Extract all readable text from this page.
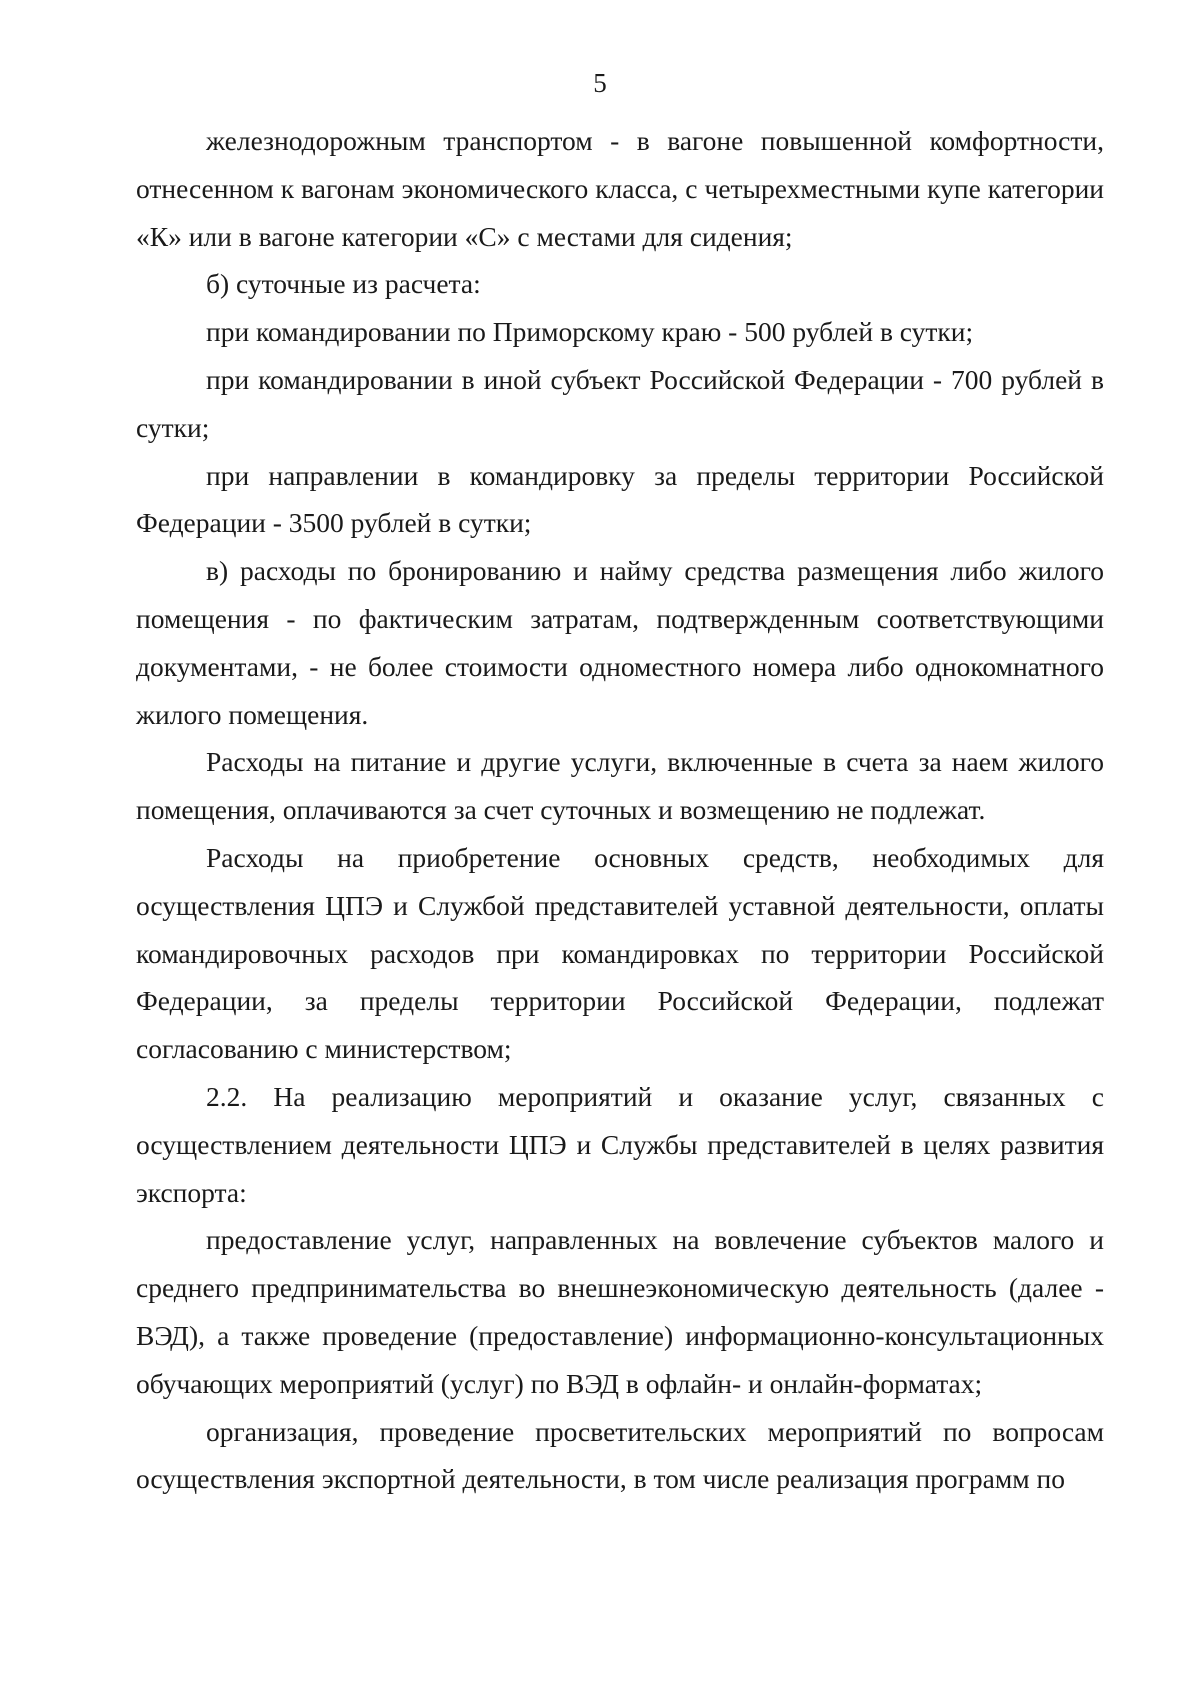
5

железнодорожным транспортом - в вагоне повышенной комфортности, отнесенном к вагонам экономического класса, с четырехместными купе категории «К» или в вагоне категории «С» с местами для сидения;

б) суточные из расчета:

при командировании по Приморскому краю - 500 рублей в сутки;

при командировании в иной субъект Российской Федерации - 700 рублей в сутки;

при направлении в командировку за пределы территории Российской Федерации - 3500 рублей в сутки;

в) расходы по бронированию и найму средства размещения либо жилого помещения - по фактическим затратам, подтвержденным соответствующими документами, - не более стоимости одноместного номера либо однокомнатного жилого помещения.

Расходы на питание и другие услуги, включенные в счета за наем жилого помещения, оплачиваются за счет суточных и возмещению не подлежат.

Расходы на приобретение основных средств, необходимых для осуществления ЦПЭ и Службой представителей уставной деятельности, оплаты командировочных расходов при командировках по территории Российской Федерации, за пределы территории Российской Федерации, подлежат согласованию с министерством;

2.2. На реализацию мероприятий и оказание услуг, связанных с осуществлением деятельности ЦПЭ и Службы представителей в целях развития экспорта:

предоставление услуг, направленных на вовлечение субъектов малого и среднего предпринимательства во внешнеэкономическую деятельность (далее - ВЭД), а также проведение (предоставление) информационно-консультационных обучающих мероприятий (услуг) по ВЭД в офлайн- и онлайн-форматах;

организация, проведение просветительских мероприятий по вопросам осуществления экспортной деятельности, в том числе реализация программ по
